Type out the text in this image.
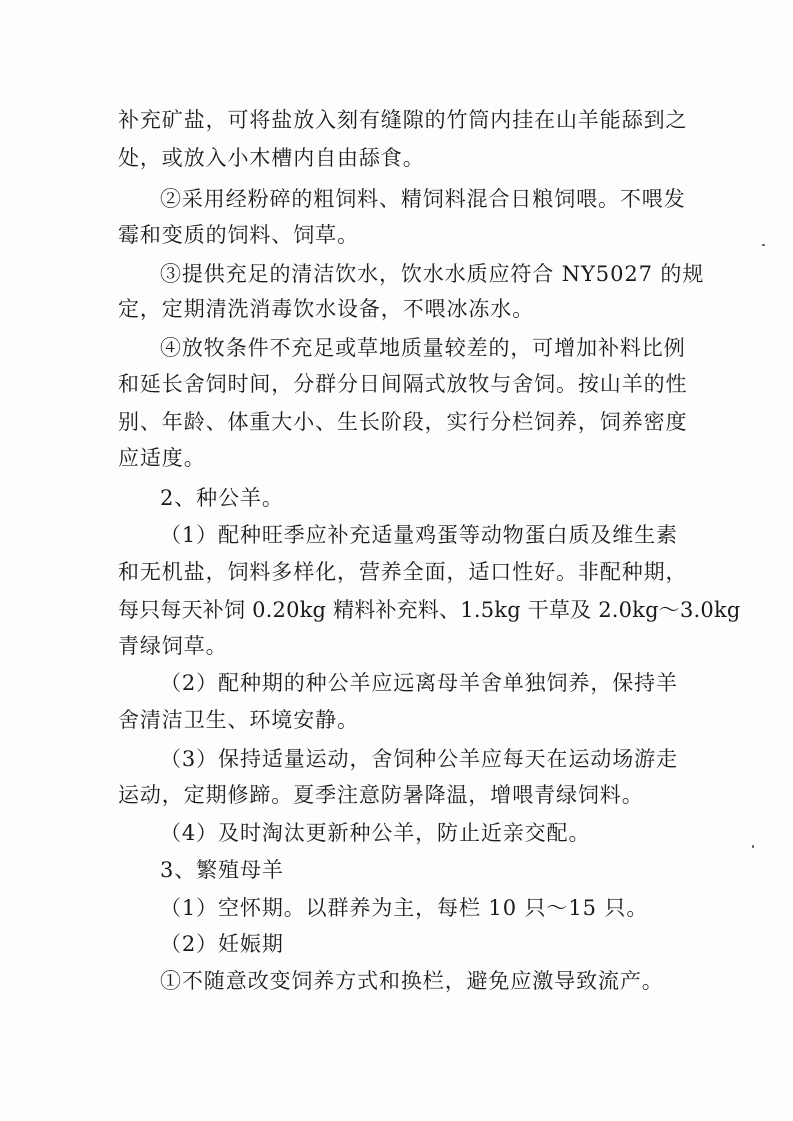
补充矿盐，可将盐放入刻有缝隙的竹筒内挂在山羊能舔到之
处，或放入小木槽内自由舔食。
②采用经粉碎的粗饲料、精饲料混合日粮饲喂。不喂发
霉和变质的饲料、饲草。
③提供充足的清洁饮水，饮水水质应符合 NY5027 的规
定，定期清洗消毒饮水设备，不喂冰冻水。
④放牧条件不充足或草地质量较差的，可增加补料比例
和延长舍饲时间，分群分日间隔式放牧与舍饲。按山羊的性
别、年龄、体重大小、生长阶段，实行分栏饲养，饲养密度
应适度。
2、种公羊。
（1）配种旺季应补充适量鸡蛋等动物蛋白质及维生素
和无机盐，饲料多样化，营养全面，适口性好。非配种期，
每只每天补饲 0.20kg 精料补充料、1.5kg 干草及 2.0kg～3.0kg
青绿饲草。
（2）配种期的种公羊应远离母羊舍单独饲养，保持羊
舍清洁卫生、环境安静。
（3）保持适量运动，舍饲种公羊应每天在运动场游走
运动，定期修蹄。夏季注意防暑降温，增喂青绿饲料。
（4）及时淘汰更新种公羊，防止近亲交配。
3、繁殖母羊
（1）空怀期。以群养为主，每栏 10 只～15 只。
（2）妊娠期
①不随意改变饲养方式和换栏，避免应激导致流产。
